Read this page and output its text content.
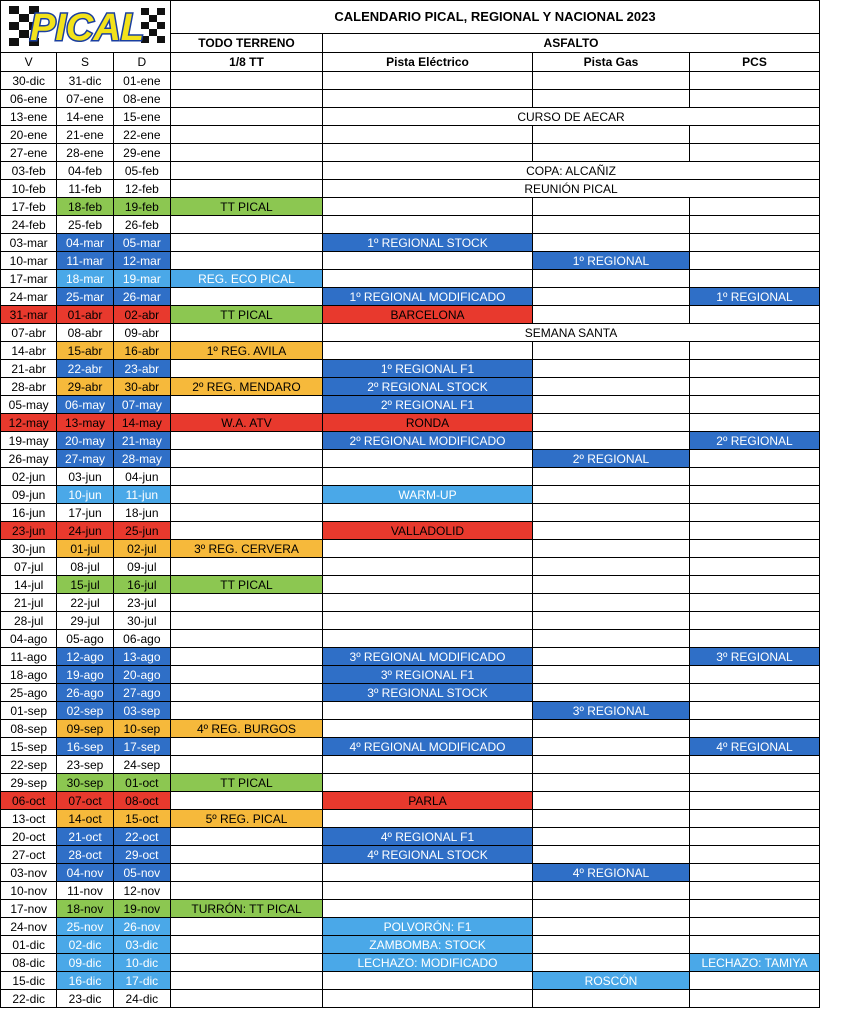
PICAL			CALENDARIO PICAL, REGIONAL Y NACIONAL 2023			
			TODO TERRENO	ASFALTO		
V	S	D	1/8 TT	Pista Eléctrico	Pista Gas	PCS
30-dic	31-dic	01-ene				
06-ene	07-ene	08-ene				
13-ene	14-ene	15-ene		CURSO DE AECAR		
20-ene	21-ene	22-ene				
27-ene	28-ene	29-ene				
03-feb	04-feb	05-feb		COPA: ALCAÑIZ		
10-feb	11-feb	12-feb		REUNIÓN PICAL		
17-feb	18-feb	19-feb	TT PICAL			
24-feb	25-feb	26-feb				
03-mar	04-mar	05-mar		1º REGIONAL STOCK		
10-mar	11-mar	12-mar			1º REGIONAL	
17-mar	18-mar	19-mar	REG. ECO PICAL			
24-mar	25-mar	26-mar		1º REGIONAL MODIFICADO		1º REGIONAL
31-mar	01-abr	02-abr	TT PICAL	BARCELONA		
07-abr	08-abr	09-abr		SEMANA SANTA		
14-abr	15-abr	16-abr	1º REG. AVILA			
21-abr	22-abr	23-abr		1º REGIONAL F1		
28-abr	29-abr	30-abr	2º REG. MENDARO	2º REGIONAL STOCK		
05-may	06-may	07-may		2º REGIONAL F1		
12-may	13-may	14-may	W.A. ATV	RONDA		
19-may	20-may	21-may		2º REGIONAL MODIFICADO		2º REGIONAL
26-may	27-may	28-may			2º REGIONAL	
02-jun	03-jun	04-jun				
09-jun	10-jun	11-jun		WARM-UP		
16-jun	17-jun	18-jun				
23-jun	24-jun	25-jun		VALLADOLID		
30-jun	01-jul	02-jul	3º REG. CERVERA			
07-jul	08-jul	09-jul				
14-jul	15-jul	16-jul	TT PICAL			
21-jul	22-jul	23-jul				
28-jul	29-jul	30-jul				
04-ago	05-ago	06-ago				
11-ago	12-ago	13-ago		3º REGIONAL MODIFICADO		3º REGIONAL
18-ago	19-ago	20-ago		3º REGIONAL F1		
25-ago	26-ago	27-ago		3º REGIONAL STOCK		
01-sep	02-sep	03-sep			3º REGIONAL	
08-sep	09-sep	10-sep	4º REG. BURGOS			
15-sep	16-sep	17-sep		4º REGIONAL MODIFICADO		4º REGIONAL
22-sep	23-sep	24-sep				
29-sep	30-sep	01-oct	TT PICAL			
06-oct	07-oct	08-oct		PARLA		
13-oct	14-oct	15-oct	5º REG. PICAL			
20-oct	21-oct	22-oct		4º REGIONAL F1		
27-oct	28-oct	29-oct		4º REGIONAL STOCK		
03-nov	04-nov	05-nov			4º REGIONAL	
10-nov	11-nov	12-nov				
17-nov	18-nov	19-nov	TURRÓN: TT PICAL			
24-nov	25-nov	26-nov		POLVORÓN: F1		
01-dic	02-dic	03-dic		ZAMBOMBA: STOCK		
08-dic	09-dic	10-dic		LECHAZO: MODIFICADO		LECHAZO: TAMIYA
15-dic	16-dic	17-dic			ROSCÓN	
22-dic	23-dic	24-dic				
